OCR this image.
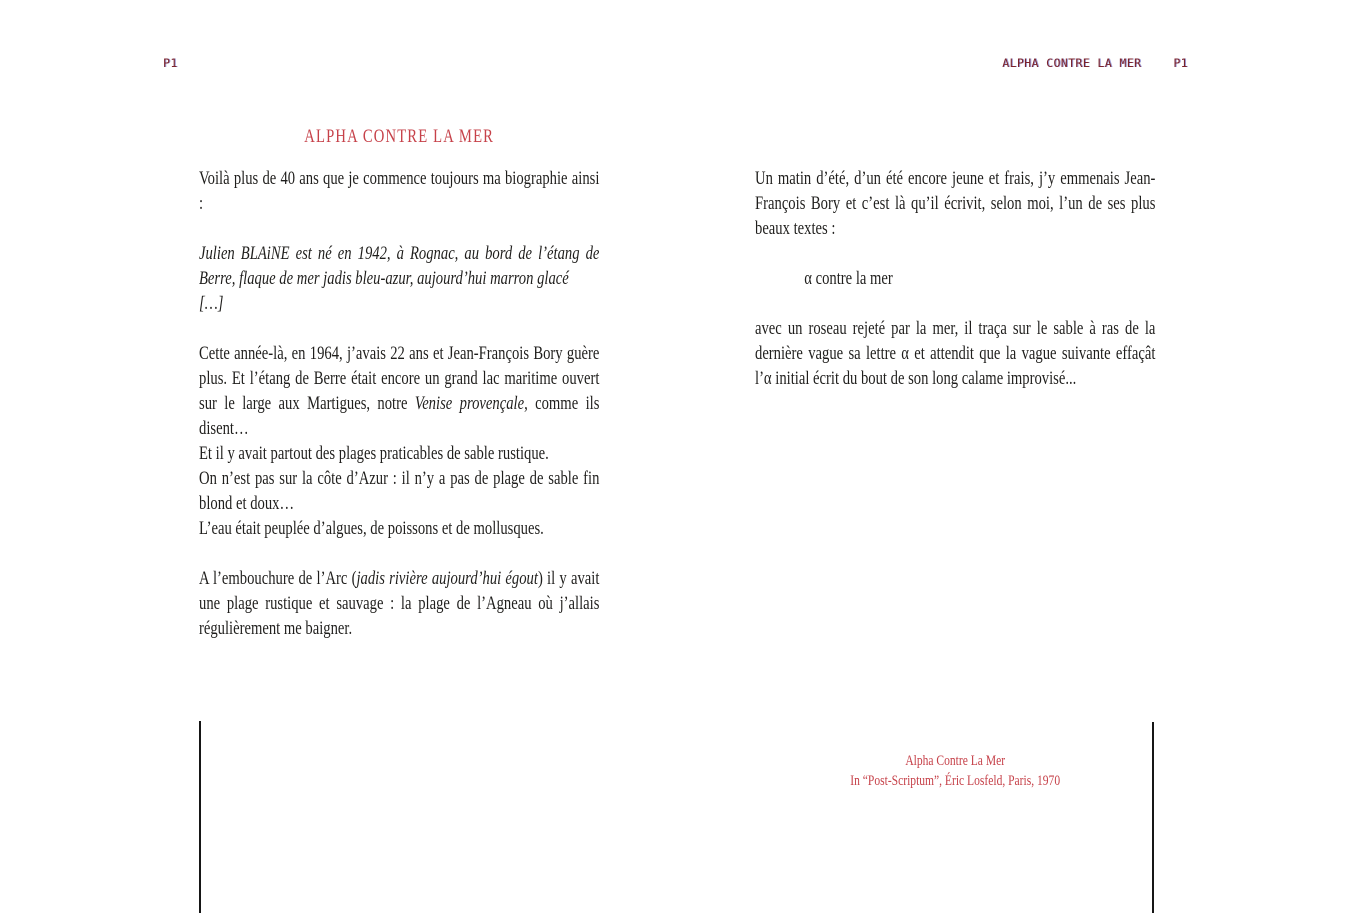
P1	ALPHA CONTRE LA MER	P1
ALPHA CONTRE LA MER

Voilà plus de 40 ans que je commence toujours ma biographie ainsi :

Julien BLAiNE est né en 1942, à Rognac, au bord de l’étang de Berre, flaque de mer jadis bleu-azur, aujourd’hui marron glacé
[…]

Cette année-là, en 1964, j’avais 22 ans et Jean-François Bory guère plus. Et l’étang de Berre était encore un grand lac maritime ouvert sur le large aux Martigues, notre Venise provençale, comme ils disent…

Et il y avait partout des plages praticables de sable rustique.

On n’est pas sur la côte d’Azur : il n’y a pas de plage de sable fin blond et doux…

L’eau était peuplée d’algues, de poissons et de mollusques.

A l’embouchure de l’Arc (jadis rivière aujourd’hui égout) il y avait une plage rustique et sauvage : la plage de l’Agneau où j’allais régulièrement me baigner.

Un matin d’été, d’un été encore jeune et frais, j’y emmenais Jean-François Bory et c’est là qu’il écrivit, selon moi, l’un de ses plus beaux textes :

α contre la mer

avec un roseau rejeté par la mer, il traça sur le sable à ras de la dernière vague sa lettre α et attendit que la vague suivante effaçât l’α initial écrit du bout de son long calame improvisé...

Alpha Contre La Mer
In “Post-Scriptum”, Éric Losfeld, Paris, 1970
